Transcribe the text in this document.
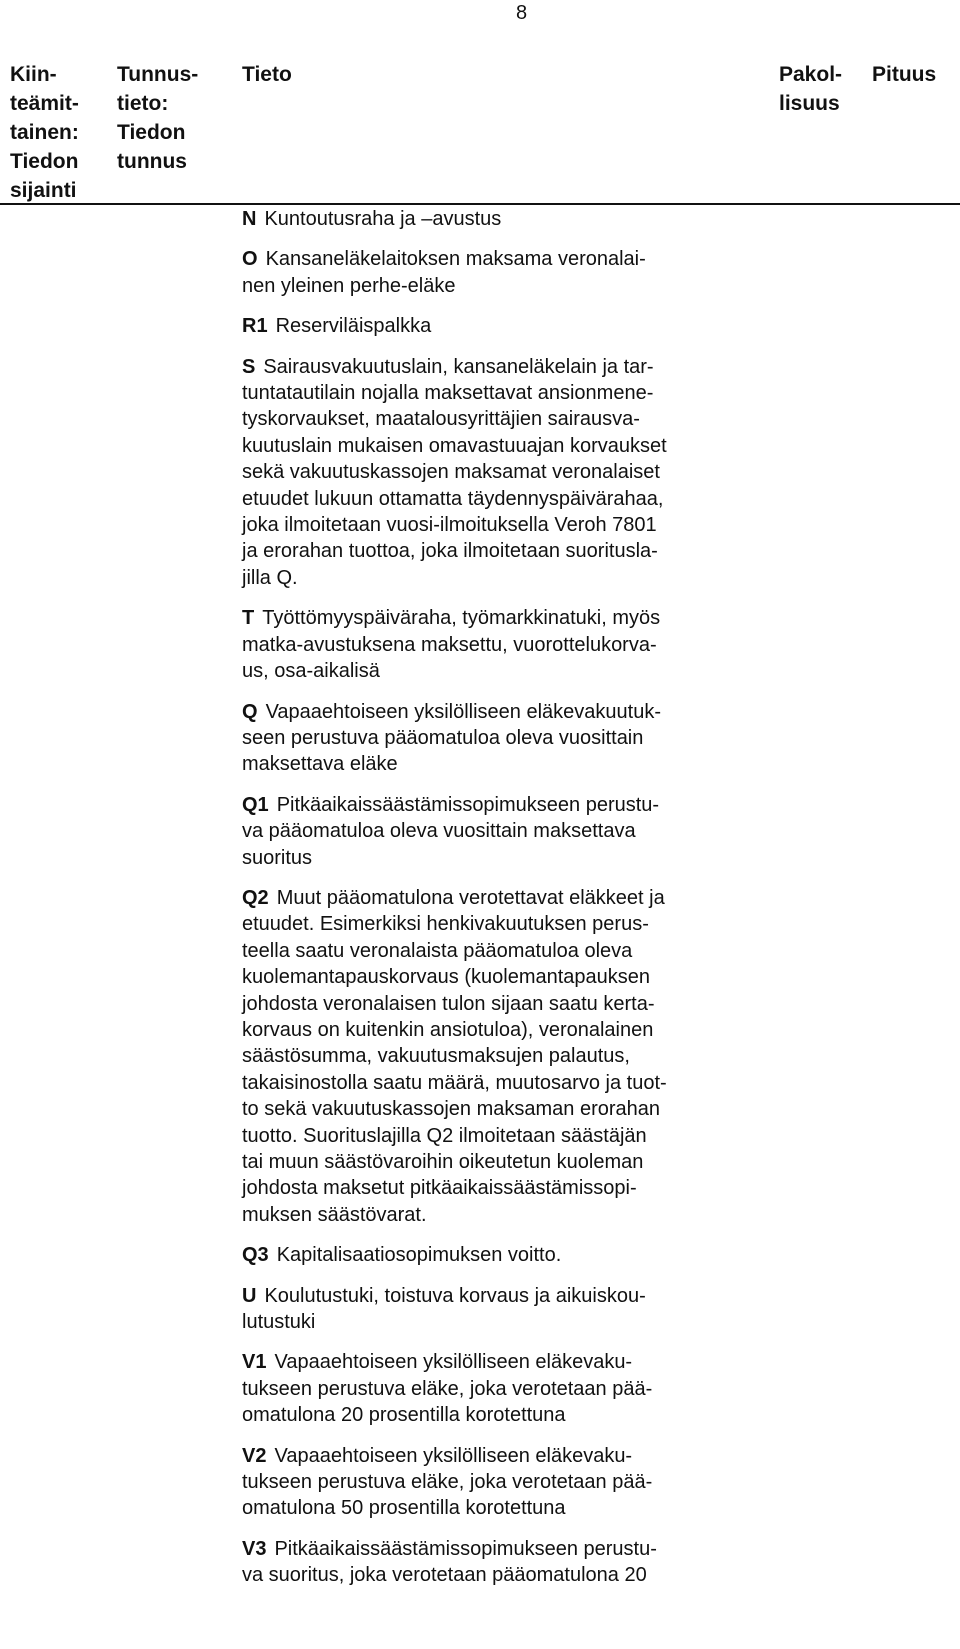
8
Kiin-
teämit-
tainen:
Tiedon
sijainti
Tunnus-
tieto:
Tiedon
tunnus
Tieto	Pakol-
lisuus
Pituus
N Kuntoutusraha ja –avustus
O Kansaneläkelaitoksen maksama veronalai-
nen yleinen perhe-eläke
R1 Reserviläispalkka
S Sairausvakuutuslain, kansaneläkelain ja tar-
tuntatautilain nojalla maksettavat ansionmene-
tyskorvaukset, maatalousyrittäjien sairausva-
kuutuslain mukaisen omavastuuajan korvaukset
sekä vakuutuskassojen maksamat veronalaiset
etuudet lukuun ottamatta täydennyspäivärahaa,
joka ilmoitetaan vuosi-ilmoituksella Veroh 7801
ja erorahan tuottoa, joka ilmoitetaan suoritusla-
jilla Q.
T Työttömyyspäiväraha, työmarkkinatuki, myös
matka-avustuksena maksettu, vuorottelukorva-
us, osa-aikalisä
Q Vapaaehtoiseen yksilölliseen eläkevakuutuk-
seen perustuva pääomatuloa oleva vuosittain
maksettava eläke
Q1 Pitkäaikaissäästämissopimukseen perustu-
va pääomatuloa oleva vuosittain maksettava
suoritus
Q2 Muut pääomatulona verotettavat eläkkeet ja
etuudet. Esimerkiksi henkivakuutuksen perus-
teella saatu veronalaista pääomatuloa oleva
kuolemantapauskorvaus (kuolemantapauksen
johdosta veronalaisen tulon sijaan saatu kerta-
korvaus on kuitenkin ansiotuloa), veronalainen
säästösumma, vakuutusmaksujen palautus,
takaisinostolla saatu määrä, muutosarvo ja tuot-
to sekä vakuutuskassojen maksaman erorahan
tuotto. Suorituslajilla Q2 ilmoitetaan säästäjän
tai muun säästövaroihin oikeutetun kuoleman
johdosta maksetut pitkäaikaissäästämissopi-
muksen säästövarat.
Q3 Kapitalisaatiosopimuksen voitto.
U Koulutustuki, toistuva korvaus ja aikuiskou-
lutustuki
V1 Vapaaehtoiseen yksilölliseen eläkevaku-
tukseen perustuva eläke, joka verotetaan pää-
omatulona 20 prosentilla korotettuna
V2 Vapaaehtoiseen yksilölliseen eläkevaku-
tukseen perustuva eläke, joka verotetaan pää-
omatulona 50 prosentilla korotettuna
V3 Pitkäaikaissäästämissopimukseen perustu-
va suoritus, joka verotetaan pääomatulona 20
